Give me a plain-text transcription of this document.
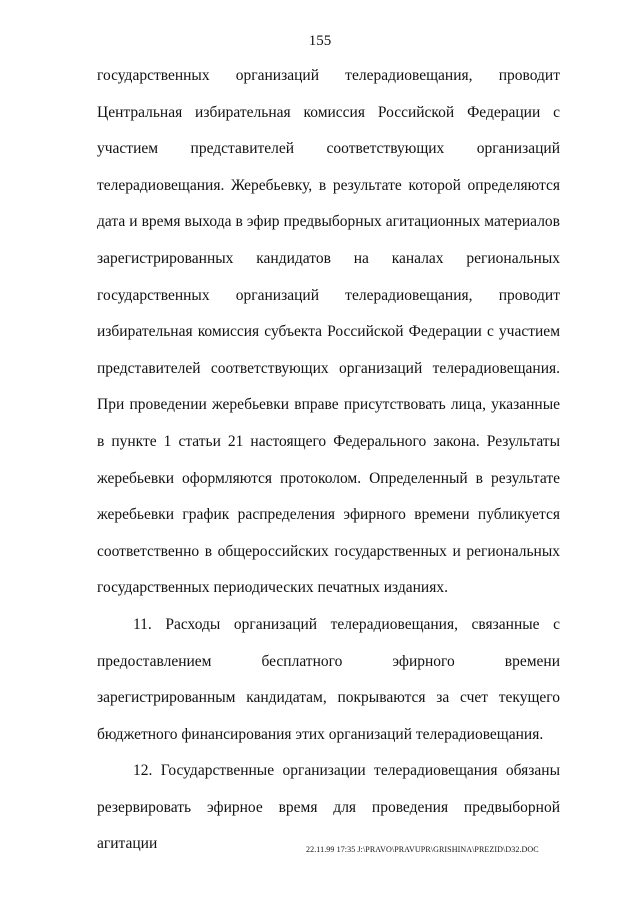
155

государственных организаций телерадиовещания, проводит Центральная избирательная комиссия Российской Федерации с участием представителей соответствующих организаций телерадиовещания. Жеребьевку, в результате которой определяются дата и время выхода в эфир предвыборных агитационных материалов зарегистрированных кандидатов на каналах региональных государственных организаций телерадиовещания, проводит избирательная комиссия субъекта Российской Федерации с участием представителей соответствующих организаций телерадиовещания. При проведении жеребьевки вправе присутствовать лица, указанные в пункте 1 статьи 21 настоящего Федерального закона. Результаты жеребьевки оформляются протоколом. Определенный в результате жеребьевки график распределения эфирного времени публикуется соответственно в общероссийских государственных и региональных государственных периодических печатных изданиях.

11. Расходы организаций телерадиовещания, связанные с предоставлением бесплатного эфирного времени зарегистрированным кандидатам, покрываются за счет текущего бюджетного финансирования этих организаций телерадиовещания.

12. Государственные организации телерадиовещания обязаны резервировать эфирное время для проведения предвыборной агитации	22.11.99 17:35 J:\PRAVO\PRAVUPR\GRISHINA\PREZID\D32.DOC
